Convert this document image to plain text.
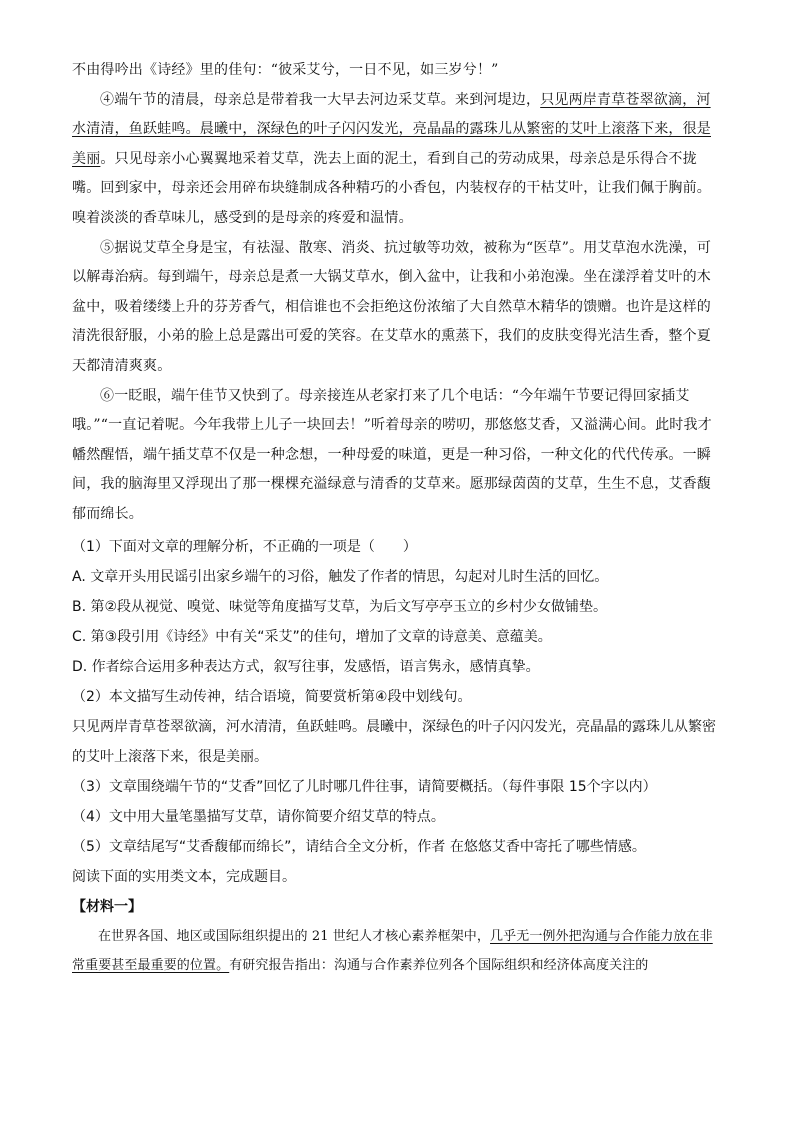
不由得吟出《诗经》里的佳句：“彼采艾兮，一日不见，如三岁兮！”

④端午节的清晨，母亲总是带着我一大早去河边采艾草。来到河堤边，只见两岸青草苍翠欲滴，河水清清，鱼跃蛙鸣。晨曦中，深绿色的叶子闪闪发光，亮晶晶的露珠儿从繁密的艾叶上滚落下来，很是美丽。只见母亲小心翼翼地采着艾草，洗去上面的泥土，看到自己的劳动成果，母亲总是乐得合不拢嘴。回到家中，母亲还会用碎布块缝制成各种精巧的小香包，内装杈存的干枯艾叶，让我们佩于胸前。嗅着淡淡的香草味儿，感受到的是母亲的疼爱和温情。

⑤据说艾草全身是宝，有祛湿、散寒、消炎、抗过敏等功效，被称为“医草”。用艾草泡水洗澡，可以解毒治病。每到端午，母亲总是煮一大锅艾草水，倒入盆中，让我和小弟泡澡。坐在漾浮着艾叶的木盆中，吸着缕缕上升的芬芳香气，相信谁也不会拒绝这份浓缩了大自然草木精华的馈赠。也许是这样的清洗很舒服，小弟的脸上总是露出可爱的笑容。在艾草水的熏蒸下，我们的皮肤变得光洁生香，整个夏天都清清爽爽。

⑥一眨眼，端午佳节又快到了。母亲接连从老家打来了几个电话：“今年端午节要记得回家插艾哦。”“一直记着呢。今年我带上儿子一块回去！”听着母亲的唠叨，那悠悠艾香，又溢满心间。此时我才幡然醒悟，端午插艾草不仅是一种念想，一种母爱的味道，更是一种习俗，一种文化的代代传承。一瞬间，我的脑海里又浮现出了那一棵棵充溢绿意与清香的艾草来。愿那绿茵茵的艾草，生生不息，艾香馥郁而绵长。

（1）下面对文章的理解分析，不正确的一项是（　　）

A. 文章开头用民谣引出家乡端午的习俗，触发了作者的情思，勾起对儿时生活的回忆。

B. 第②段从视觉、嗅觉、味觉等角度描写艾草，为后文写亭亭玉立的乡村少女做铺垫。

C. 第③段引用《诗经》中有关“采艾”的佳句，增加了文章的诗意美、意蕴美。

D. 作者综合运用多种表达方式，叙写往事，发感悟，语言隽永，感情真挚。

（2）本文描写生动传神，结合语境，简要赏析第④段中划线句。

只见两岸青草苍翠欲滴，河水清清，鱼跃蛙鸣。晨曦中，深绿色的叶子闪闪发光，亮晶晶的露珠儿从繁密的艾叶上滚落下来，很是美丽。

（3）文章围绕端午节的“艾香”回忆了儿时哪几件往事，请简要概括。（每件事限 15个字以内）

（4）文中用大量笔墨描写艾草，请你简要介绍艾草的特点。

（5）文章结尾写“艾香馥郁而绵长”，请结合全文分析，作者 在悠悠艾香中寄托了哪些情感。

阅读下面的实用类文本，完成题目。

【材料一】

在世界各国、地区或国际组织提出的 21 世纪人才核心素养框架中，几乎无一例外把沟通与合作能力放在非常重要甚至最重要的位置。有研究报告指出：沟通与合作素养位列各个国际组织和经济体高度关注的
